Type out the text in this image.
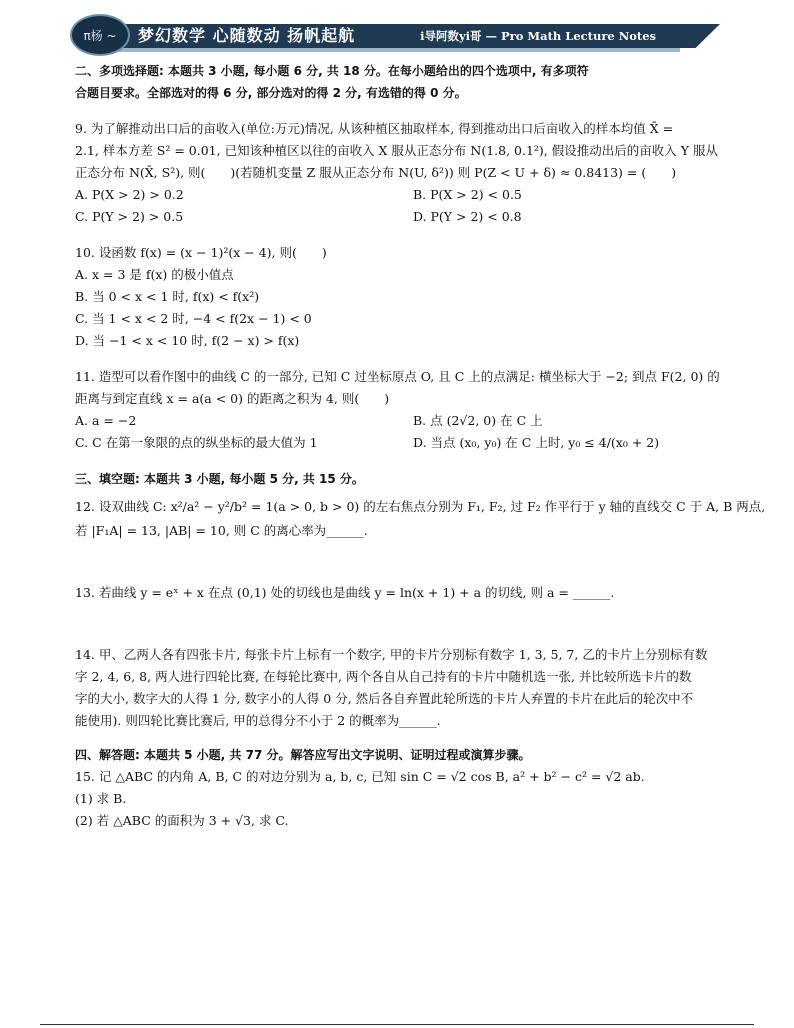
π杨 ~	梦幻数学 心随数动 扬帆起航	i导阿数yi哥 — Pro Math Lecture Notes
二、多项选择题: 本题共 3 小题, 每小题 6 分, 共 18 分。在每小题给出的四个选项中, 有多项符
合题目要求。全部选对的得 6 分, 部分选对的得 2 分, 有选错的得 0 分。
9. 为了解推动出口后的亩收入(单位:万元)情况, 从该种植区抽取样本, 得到推动出口后亩收入的样本均值 X̄ =
2.1, 样本方差 S² = 0.01, 已知该种植区以往的亩收入 X 服从正态分布 N(1.8, 0.1²), 假设推动出后的亩收入 Y 服从
正态分布 N(X̄, S²), 则(　　)(若随机变量 Z 服从正态分布 N(U, δ²)) 则 P(Z < U + δ) ≈ 0.8413) = (　　)
A. P(X > 2) > 0.2	B. P(X > 2) < 0.5
C. P(Y > 2) > 0.5	D. P(Y > 2) < 0.8
10. 设函数 f(x) = (x − 1)²(x − 4), 则(　　)
A. x = 3 是 f(x) 的极小值点
B. 当 0 < x < 1 时, f(x) < f(x²)
C. 当 1 < x < 2 时, −4 < f(2x − 1) < 0
D. 当 −1 < x < 10 时, f(2 − x) > f(x)
11. 造型可以看作图中的曲线 C 的一部分, 已知 C 过坐标原点 O, 且 C 上的点满足: 横坐标大于 −2; 到点 F(2, 0) 的
距离与到定直线 x = a(a < 0) 的距离之积为 4, 则(　　)
A. a = −2	B. 点 (2√2, 0) 在 C 上
C. C 在第一象限的点的纵坐标的最大值为 1	D. 当点 (x₀, y₀) 在 C 上时, y₀ ≤ 4/(x₀ + 2)
三、填空题: 本题共 3 小题, 每小题 5 分, 共 15 分。
12. 设双曲线 C: x²/a² − y²/b² = 1(a > 0, b > 0) 的左右焦点分别为 F₁, F₂, 过 F₂ 作平行于 y 轴的直线交 C 于 A, B 两点,
若 |F₁A| = 13, |AB| = 10, 则 C 的离心率为______.
13. 若曲线 y = eˣ + x 在点 (0,1) 处的切线也是曲线 y = ln(x + 1) + a 的切线, 则 a = ______.
14. 甲、乙两人各有四张卡片, 每张卡片上标有一个数字, 甲的卡片分别标有数字 1, 3, 5, 7, 乙的卡片上分别标有数
字 2, 4, 6, 8, 两人进行四轮比赛, 在每轮比赛中, 两个各自从自己持有的卡片中随机选一张, 并比较所选卡片的数
字的大小, 数字大的人得 1 分, 数字小的人得 0 分, 然后各自弃置此轮所选的卡片人弃置的卡片在此后的轮次中不
能使用). 则四轮比赛比赛后, 甲的总得分不小于 2 的概率为______.
四、解答题: 本题共 5 小题, 共 77 分。解答应写出文字说明、证明过程或演算步骤。
15. 记 △ABC 的内角 A, B, C 的对边分别为 a, b, c, 已知 sin C = √2 cos B, a² + b² − c² = √2 ab.
(1) 求 B.
(2) 若 △ABC 的面积为 3 + √3, 求 C.
